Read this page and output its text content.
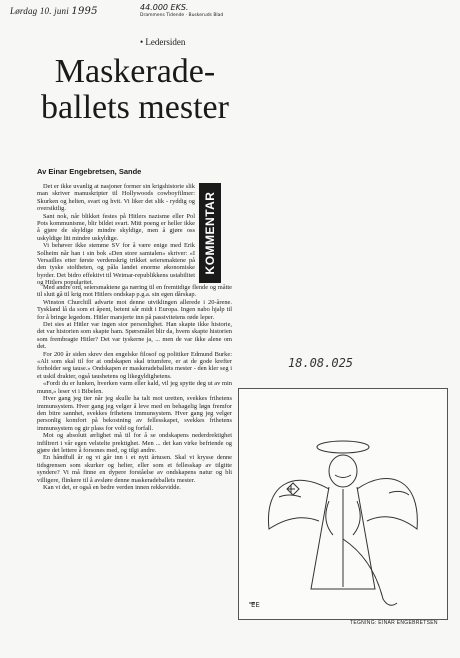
Lørdag 10. juni 1995	44.000 EKS.
Drammens Tidende · Buskeruds Blad
• Ledersiden
Maskerade-ballets mester
Av Einar Engebretsen, Sande
KOMMENTAR

Det er ikke uvanlig at nasjoner former sin krigshistorie slik man skriver manuskripter til Hollywoods cowboyfilmer: Skurken og helten, svart og hvit. Vi liker det slik - ryddig og oversiktlig.

Sant nok, når blikket festes på Hitlers nazisme eller Pol Pots kommunisme, blir bildet svart. Mitt poeng er heller ikke å gjøre de skyldige mindre skyldige, men å gjøre oss uskyldige litt mindre uskyldige.

Vi behøver ikke stemme SV for å være enige med Erik Solheim når han i sin bok «Den store samtalen» skriver: «I Versailles etter første verdenskrig trikket seiersmaktene på den tyske stoltheten, og påla landet enorme økonomiske byrder. Det bidro effektivt til Weimar-republikkens ustabilitet og Hitlers popularitet.

Med andre ord, seiersmaktene ga næring til en fremtidige flende og måtte til slutt gå til krig mot Hitlers ondskap p.g.a. sin egen dårskap.

Winston Churchill advarte mot denne utviklingen allerede i 20-årene. Tyskland lå da som et åpent, betent sår midt i Europa. Ingen nabo hjalp til for å bringe legedom. Hitler marsjerte inn på passivitetens røde leper.

Det sies at Hitler var ingen stor personlighet. Han skapte ikke historie, det var historien som skapte ham. Spørsmålet blir da, hvem skapte historien som frembragte Hitler? Det var tyskerne ja, ... men de var ikke alene om det.

For 200 år siden skrev den engelske filosof og politiker Edmund Burke: «Alt som skal til for at ondskapen skal triumfere, er at de gode krefter forholder seg tause.» Ondskapen er maskeradeballets mester - den kler seg i et uskil drakter, også taushetens og likegyldighetens.

«Fordi du er lunken, hverken varm eller kald, vil jeg spytte deg ut av min munn,» leser vi i Bibelen.

Hver gang jeg tier når jeg skulle ha talt mot uretten, svekkes frihetens immunsystem. Hver gang jeg velger å leve med en behagelig løgn fremfor den bitre sannhet, svekkes frihetens immunsystem. Hver gang jeg velger personlig komfort på bekostning av fellesskapet, svekkes frihetens immunsystem og gir plass for vold og forfall.

Mot og absolutt ærlighet må til for å se ondskapens nederdrektighet infiltrert i vår egen velstelte prektighet. Men ... det kan virke befriende og gjøre det lettere å forsones med, og tilgi andre.

En håndfull år og vi går inn i et nytt årtusen. Skal vi krysse denne tidsgrensen som skurker og helter, eller som et fellesskap av tilgitte syndere? Vi må finne en dypere forståelse av ondskapens natur og bli villigere, flinkere til å avsløre denne maskeradeballets mester.

Kan vi det, er også en bedre verden innen rekkevidde.

18.08.025
EE
TEGNING: EINAR ENGEBRETSEN
